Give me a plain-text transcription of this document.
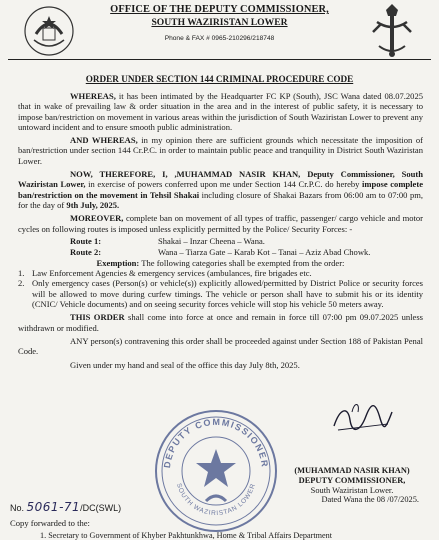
OFFICE OF THE DEPUTY COMMISSIONER,
SOUTH WAZIRISTAN LOWER
Phone & FAX # 0965-210296/218748
ORDER UNDER SECTION 144 CRIMINAL PROCEDURE CODE

WHEREAS, it has been intimated by the Headquarter FC KP (South), JSC Wana dated 08.07.2025 that in wake of prevailing law & order situation in the area and in the interest of public safety, it is necessary to impose ban/restriction on movement in various areas within the jurisdiction of South Waziristan Lower to prevent any untoward incident and to ensure smooth public administration.

AND WHEREAS, in my opinion there are sufficient grounds which necessitate the imposition of ban/restriction under section 144 Cr.P.C. in order to maintain public peace and tranquility in District South Waziristan Lower.

NOW, THEREFORE, I, ,MUHAMMAD NASIR KHAN, Deputy Commissioner, South Waziristan Lower, in exercise of powers conferred upon me under Section 144 Cr.P.C. do hereby impose complete ban/restriction on the movement in Tehsil Shakai including closure of Shakai Bazars from 06:00 am to 07:00 pm, for the day of 9th July, 2025.

MOREOVER, complete ban on movement of all types of traffic, passenger/ cargo vehicle and motor cycles on following routes is imposed unless explicitly permitted by the Police/ Security Forces: -

Route 1:	Shakai – Inzar Cheena – Wana.
Route 2:	Wana – Tiarza Gate – Karab Kot – Tanai – Aziz Abad Chowk.

Exemption: The following categories shall be exempted from the order:

1. Law Enforcement Agencies & emergency services (ambulances, fire brigades etc.
2. Only emergency cases (Person(s) or vehicle(s)) explicitly allowed/permitted by District Police or security forces will be allowed to move during curfew timings. The vehicle or person shall have to submit his or its identity (CNIC/ Vehicle documents) and on seeing security forces vehicle will stop his vehicle 50 meters away.

THIS ORDER shall come into force at once and remain in force till 07:00 pm 09.07.2025 unless withdrawn or modified.

ANY person(s) contravening this order shall be proceeded against under Section 188 of Pakistan Penal Code.

Given under my hand and seal of the office this day July 8th, 2025.

DEPUTY COMMISSIONER
SOUTH WAZIRISTAN LOWER
(MUHAMMAD NASIR KHAN)
DEPUTY COMMISSIONER,
South Waziristan Lower.
Dated Wana the 08 /07/2025.
No. 5061-71/DC(SWL)
Copy forwarded to the:
1. Secretary to Government of Khyber Pakhtunkhwa, Home & Tribal Affairs Department
